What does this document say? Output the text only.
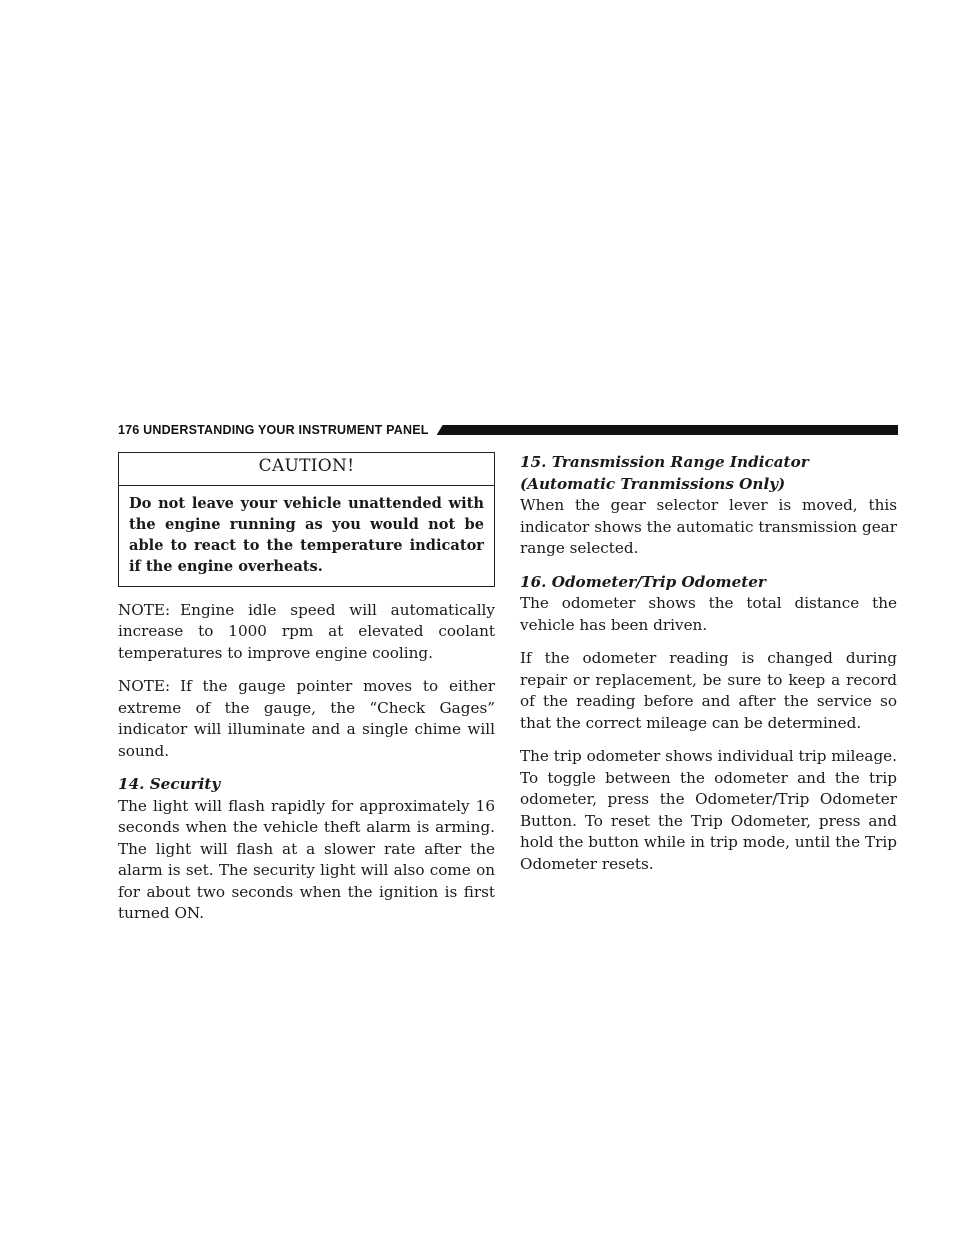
176 UNDERSTANDING YOUR INSTRUMENT PANEL
CAUTION!
Do not leave your vehicle unattended with the engine running as you would not be able to react to the temperature indicator if the engine overheats.

NOTE: Engine idle speed will automatically increase to 1000 rpm at elevated coolant temperatures to improve engine cooling.

NOTE: If the gauge pointer moves to either extreme of the gauge, the “Check Gages” indicator will illuminate and a single chime will sound.

14. Security

The light will flash rapidly for approximately 16 seconds when the vehicle theft alarm is arming. The light will flash at a slower rate after the alarm is set. The security light will also come on for about two seconds when the ignition is first turned ON.

15. Transmission Range Indicator (Automatic Tranmissions Only)

When the gear selector lever is moved, this indicator shows the automatic transmission gear range selected.

16. Odometer/Trip Odometer

The odometer shows the total distance the vehicle has been driven.

If the odometer reading is changed during repair or replacement, be sure to keep a record of the reading before and after the service so that the correct mileage can be determined.

The trip odometer shows individual trip mileage. To toggle between the odometer and the trip odometer, press the Odometer/Trip Odometer Button. To reset the Trip Odometer, press and hold the button while in trip mode, until the Trip Odometer resets.
